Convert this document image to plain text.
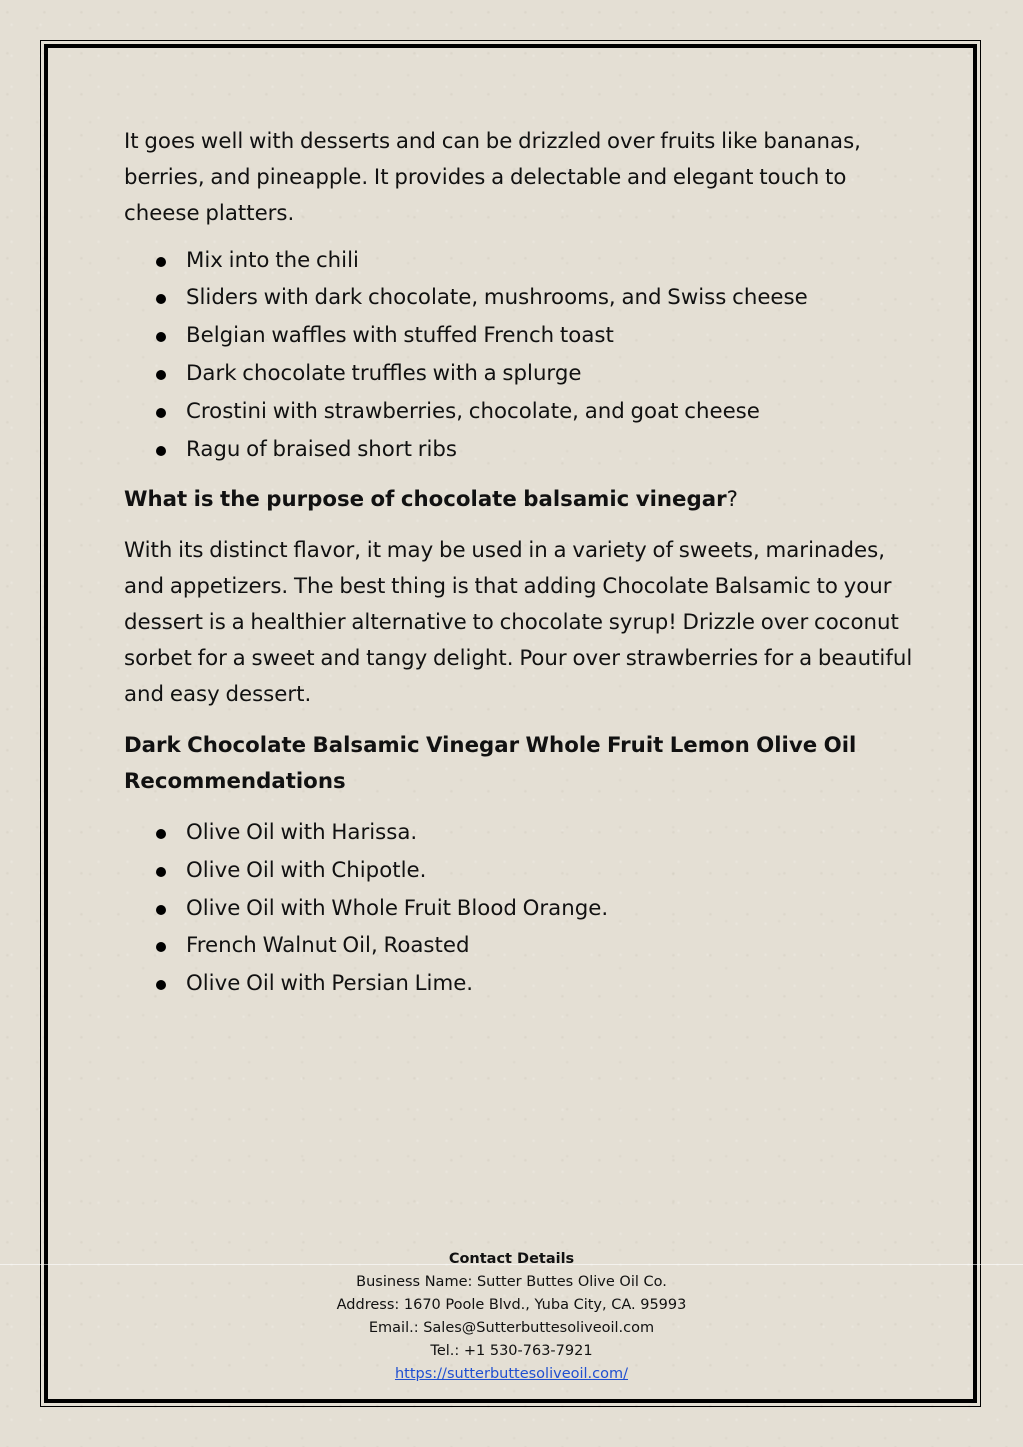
It goes well with desserts and can be drizzled over fruits like bananas, berries, and pineapple. It provides a delectable and elegant touch to cheese platters.

Mix into the chili
Sliders with dark chocolate, mushrooms, and Swiss cheese
Belgian waffles with stuffed French toast
Dark chocolate truffles with a splurge
Crostini with strawberries, chocolate, and goat cheese
Ragu of braised short ribs

What is the purpose of chocolate balsamic vinegar?

With its distinct flavor, it may be used in a variety of sweets, marinades, and appetizers. The best thing is that adding Chocolate Balsamic to your dessert is a healthier alternative to chocolate syrup! Drizzle over coconut sorbet for a sweet and tangy delight. Pour over strawberries for a beautiful and easy dessert.

Dark Chocolate Balsamic Vinegar Whole Fruit Lemon Olive Oil Recommendations

Olive Oil with Harissa.
Olive Oil with Chipotle.
Olive Oil with Whole Fruit Blood Orange.
French Walnut Oil, Roasted
Olive Oil with Persian Lime.
Contact Details
Business Name: Sutter Buttes Olive Oil Co.
Address: 1670 Poole Blvd., Yuba City, CA. 95993
Email.: Sales@Sutterbuttesoliveoil.com
Tel.: +1 530-763-7921
https://sutterbuttesoliveoil.com/
